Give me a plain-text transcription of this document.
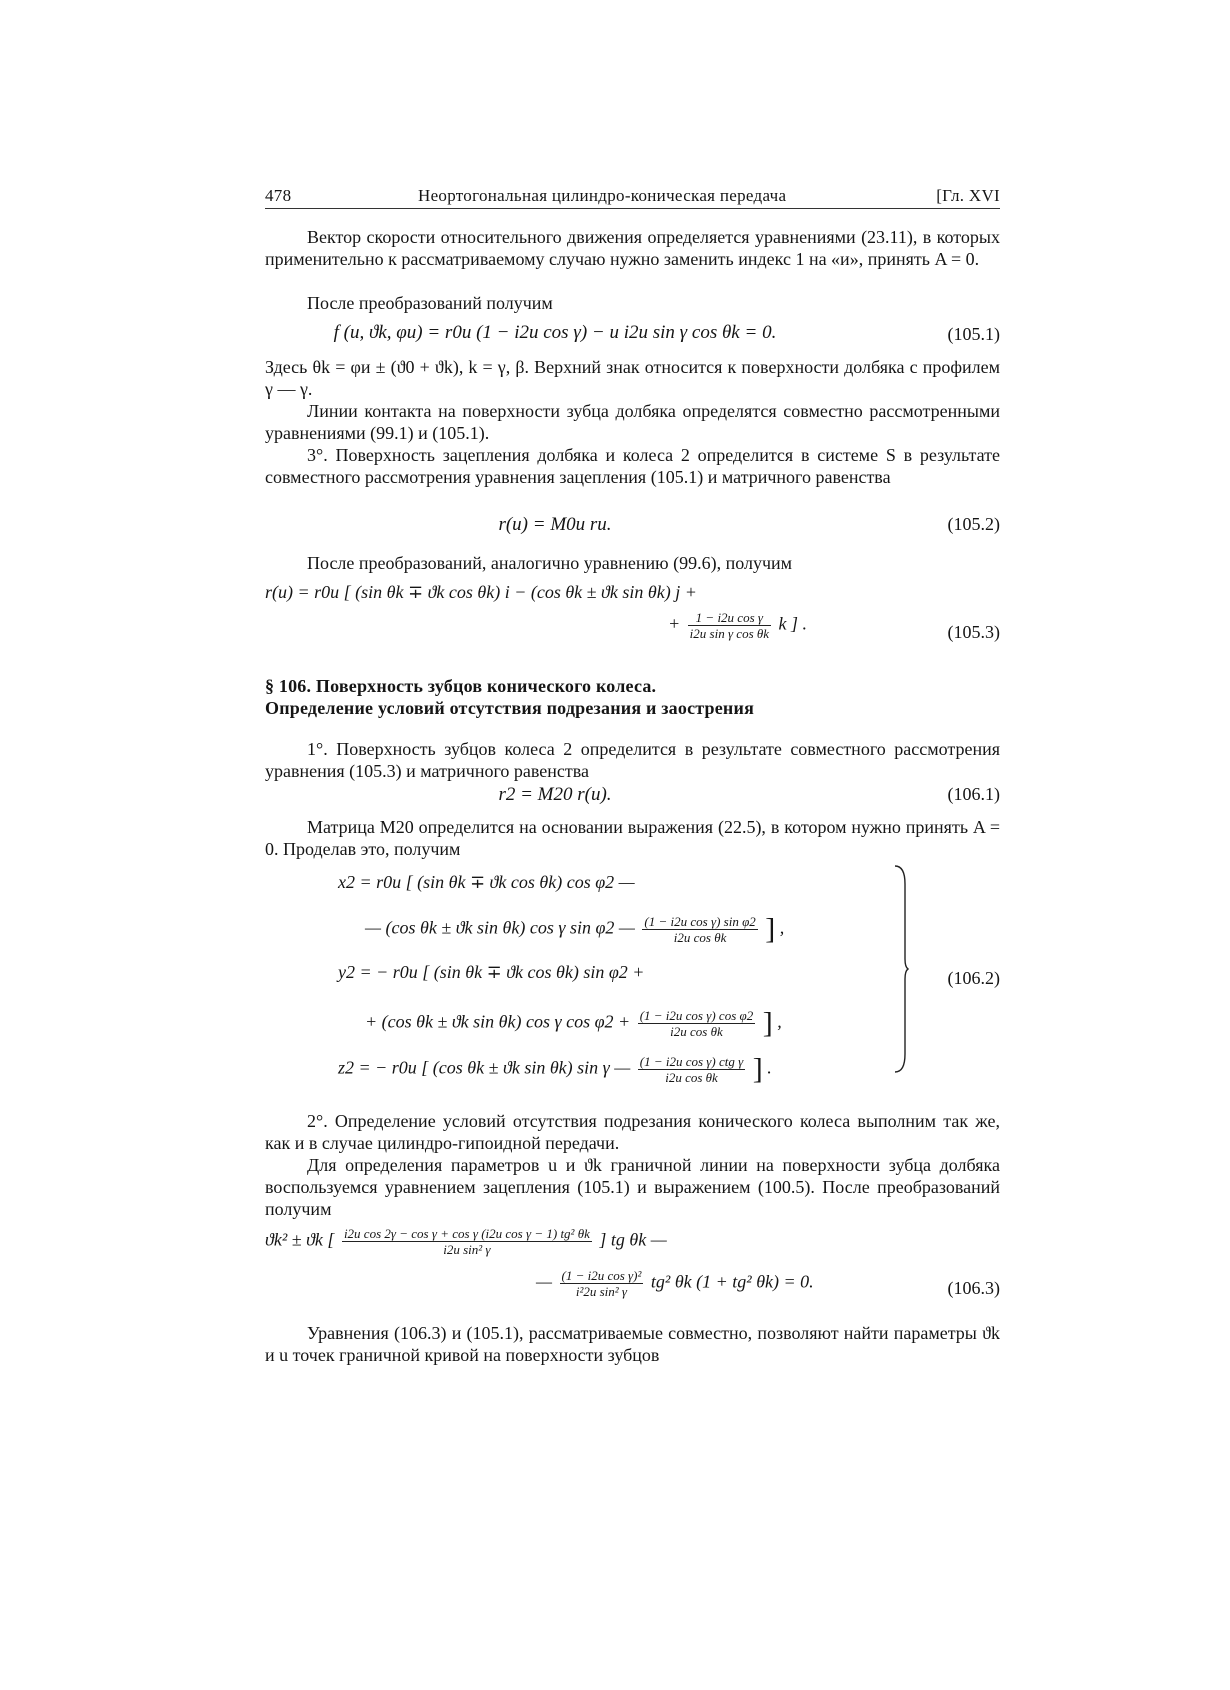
478	Неортогональная цилиндро-коническая передача	[Гл. XVI

Вектор скорости относительного движения определяется уравнениями (23.11), в которых применительно к рассматриваемому случаю нужно заменить индекс 1 на «и», принять A = 0.

После преобразований получим

f (u, ϑk, φи) = r0и (1 − i2и cos γ) − u i2и sin γ cos θk = 0.	(105.1)

Здесь θk = φи ± (ϑ0 + ϑk), k = γ, β. Верхний знак относится к поверхности долбяка с профилем γ — γ.

Линии контакта на поверхности зубца долбяка определятся совместно рассмотренными уравнениями (99.1) и (105.1).

3°. Поверхность зацепления долбяка и колеса 2 определится в системе S в результате совместного рассмотрения уравнения зацепления (105.1) и матричного равенства

r(и) = M0и rи.	(105.2)

После преобразований, аналогично уравнению (99.6), получим

r(и) = r0и [ (sin θk ∓ ϑk cos θk) i − (cos θk ± ϑk sin θk) j +
+	1 − i2и cos γ
i2и sin γ cos θk k ] .	(105.3)
§ 106. Поверхность зубцов конического колеса.
Определение условий отсутствия подрезания и заострения

1°. Поверхность зубцов колеса 2 определится в результате совместного рассмотрения уравнения (105.3) и матричного равенства

r2 = M20 r(и).	(106.1)

Матрица M20 определится на основании выражения (22.5), в котором нужно принять A = 0. Проделав это, получим

x2 = r0и [ (sin θk ∓ ϑk cos θk) cos φ2 —
— (cos θk ± ϑk sin θk) cos γ sin φ2 — (1 − i2и cos γ) sin φ2
i2и cos θk	] ,
y2 = − r0и [ (sin θk ∓ ϑk cos θk) sin φ2 +
+ (cos θk ± ϑk sin θk) cos γ cos φ2 + (1 − i2и cos γ) cos φ2
i2и cos θk	] ,
z2 = − r0и [ (cos θk ± ϑk sin θk) sin γ — (1 − i2и cos γ) ctg γ
i2и cos θk	] .
(106.2)

2°. Определение условий отсутствия подрезания конического колеса выполним так же, как и в случае цилиндро-гипоидной передачи.

Для определения параметров u и ϑk граничной линии на поверхности зубца долбяка воспользуемся уравнением зацепления (105.1) и выражением (100.5). После преобразований получим

ϑk² ± ϑk [ i2и cos 2γ − cos γ + cos γ (i2и cos γ − 1) tg² θk
i2и sin² γ	] tg θk —
— (1 − i2и cos γ)²
i²2и sin² γ	tg² θk (1 + tg² θk) = 0.	(106.3)

Уравнения (106.3) и (105.1), рассматриваемые совместно, позволяют найти параметры ϑk и u точек граничной кривой на поверхности зубцов
